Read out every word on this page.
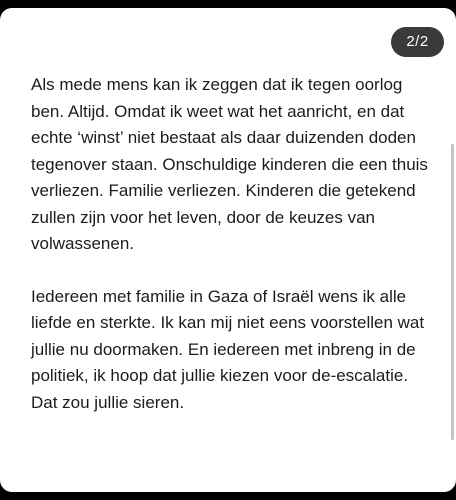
2/2

Als mede mens kan ik zeggen dat ik tegen oorlog ben. Altijd. Omdat ik weet wat het aanricht, en dat echte ‘winst’ niet bestaat als daar duizenden doden tegenover staan. Onschuldige kinderen die een thuis verliezen. Familie verliezen. Kinderen die getekend zullen zijn voor het leven, door de keuzes van volwassenen.

Iedereen met familie in Gaza of Israël wens ik alle liefde en sterkte. Ik kan mij niet eens voorstellen wat jullie nu doormaken. En iedereen met inbreng in de politiek, ik hoop dat jullie kiezen voor de-escalatie. Dat zou jullie sieren.
